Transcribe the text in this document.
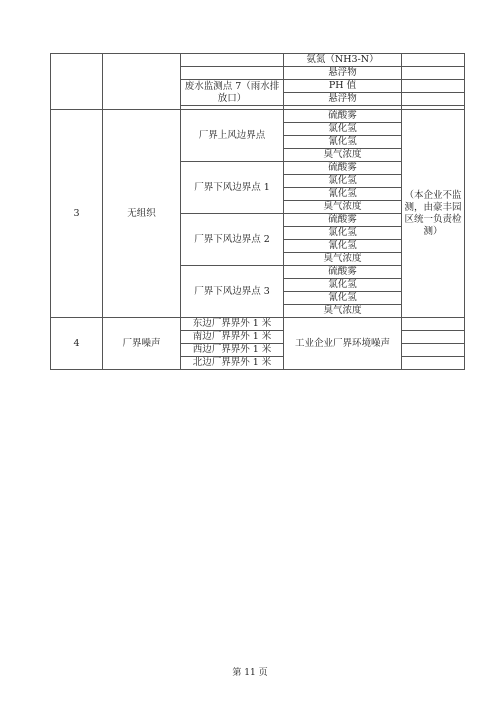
			氨氮（NH3-N）	
			悬浮物	
		废水监测点 7（雨水排放口）	PH 值	
			悬浮物	

3	无组织	厂界上风边界点	硫酸雾	（本企业不监测，由豪丰园区统一负责检测）
			氯化氢	
			氰化氢	
			臭气浓度	
		厂界下风边界点 1	硫酸雾	
			氯化氢	
			氰化氢	
			臭气浓度	
		厂界下风边界点 2	硫酸雾	
			氯化氢	
			氰化氢	
			臭气浓度	
		厂界下风边界点 3	硫酸雾	
			氯化氢	
			氰化氢	
			臭气浓度	
4	厂界噪声	东边厂界界外 1 米	工业企业厂界环境噪声	
		南边厂界界外 1 米		
		西边厂界界外 1 米		
		北边厂界界外 1 米		
第 11 页
